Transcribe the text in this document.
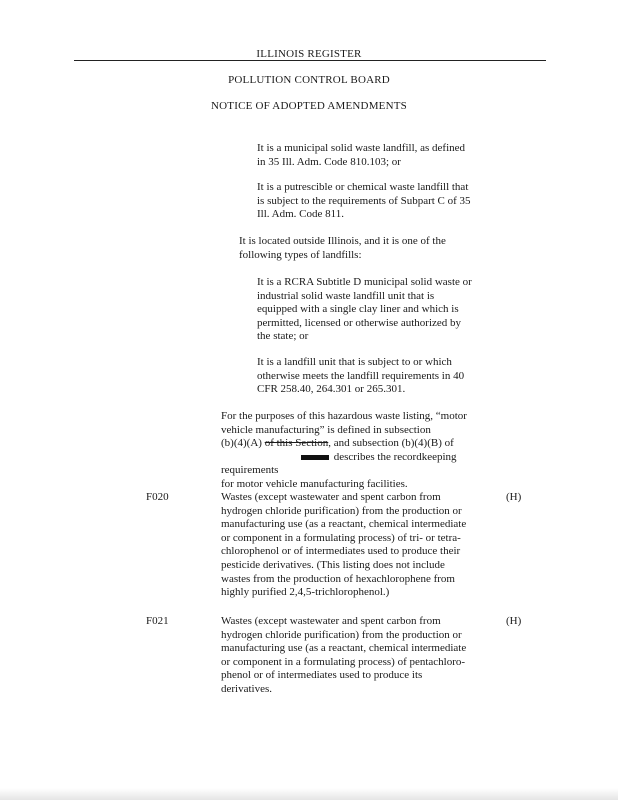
ILLINOIS REGISTER
POLLUTION CONTROL BOARD
NOTICE OF ADOPTED AMENDMENTS
It is a municipal solid waste landfill, as defined
in 35 Ill. Adm. Code 810.103; or
It is a putrescible or chemical waste landfill that
is subject to the requirements of Subpart C of 35
Ill. Adm. Code 811.
It is located outside Illinois, and it is one of the
following types of landfills:
It is a RCRA Subtitle D municipal solid waste or
industrial solid waste landfill unit that is
equipped with a single clay liner and which is
permitted, licensed or otherwise authorized by
the state; or
It is a landfill unit that is subject to or which
otherwise meets the landfill requirements in 40
CFR 258.40, 264.301 or 265.301.
For the purposes of this hazardous waste listing, “motor
vehicle manufacturing” is defined in subsection
(b)(4)(A) of this Section, and subsection (b)(4)(B) of
describes the recordkeeping requirements
for motor vehicle manufacturing facilities.
F020	Wastes (except wastewater and spent carbon from
hydrogen chloride purification) from the production or
manufacturing use (as a reactant, chemical intermediate
or component in a formulating process) of tri- or tetra-
chlorophenol or of intermediates used to produce their
pesticide derivatives. (This listing does not include
wastes from the production of hexachlorophene from
highly purified 2,4,5-trichlorophenol.)
(H)
F021	Wastes (except wastewater and spent carbon from
hydrogen chloride purification) from the production or
manufacturing use (as a reactant, chemical intermediate
or component in a formulating process) of pentachloro-
phenol or of intermediates used to produce its
derivatives.
(H)
